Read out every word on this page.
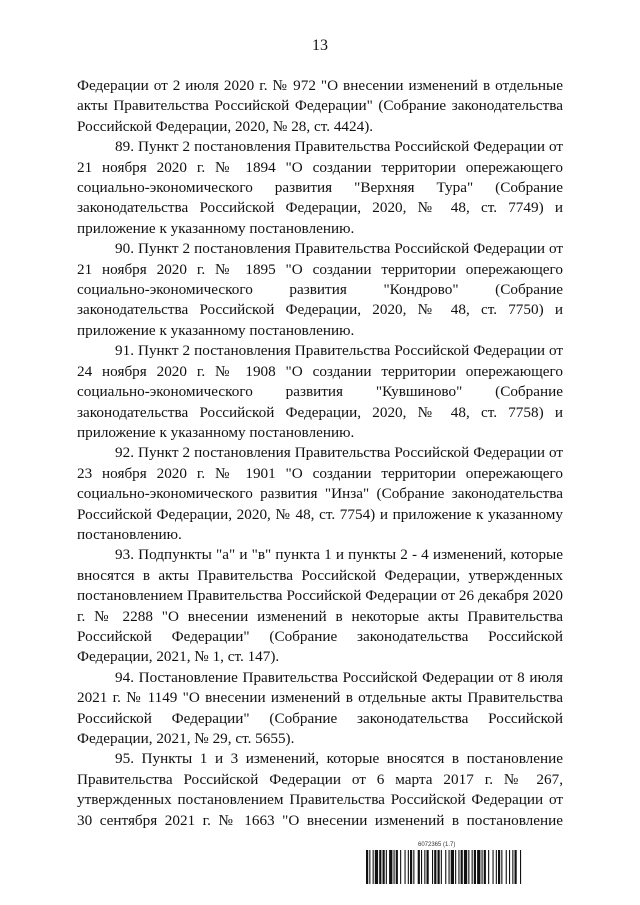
13

Федерации от 2 июля 2020 г. № 972 "О внесении изменений в отдельные акты Правительства Российской Федерации" (Собрание законодательства Российской Федерации, 2020, № 28, ст. 4424).

89. Пункт 2 постановления Правительства Российской Федерации от 21 ноября 2020 г. № 1894 "О создании территории опережающего социально-экономического развития "Верхняя Тура" (Собрание законодательства Российской Федерации, 2020, № 48, ст. 7749) и приложение к указанному постановлению.

90. Пункт 2 постановления Правительства Российской Федерации от 21 ноября 2020 г. № 1895 "О создании территории опережающего социально-экономического развития "Кондрово" (Собрание законодательства Российской Федерации, 2020, № 48, ст. 7750) и приложение к указанному постановлению.

91. Пункт 2 постановления Правительства Российской Федерации от 24 ноября 2020 г. № 1908 "О создании территории опережающего социально-экономического развития "Кувшиново" (Собрание законодательства Российской Федерации, 2020, № 48, ст. 7758) и приложение к указанному постановлению.

92. Пункт 2 постановления Правительства Российской Федерации от 23 ноября 2020 г. № 1901 "О создании территории опережающего социально-экономического развития "Инза" (Собрание законодательства Российской Федерации, 2020, № 48, ст. 7754) и приложение к указанному постановлению.

93. Подпункты "а" и "в" пункта 1 и пункты 2 - 4 изменений, которые вносятся в акты Правительства Российской Федерации, утвержденных постановлением Правительства Российской Федерации от 26 декабря 2020 г. № 2288 "О внесении изменений в некоторые акты Правительства Российской Федерации" (Собрание законодательства Российской Федерации, 2021, № 1, ст. 147).

94. Постановление Правительства Российской Федерации от 8 июля 2021 г. № 1149 "О внесении изменений в отдельные акты Правительства Российской Федерации" (Собрание законодательства Российской Федерации, 2021, № 29, ст. 5655).

95. Пункты 1 и 3 изменений, которые вносятся в постановление Правительства Российской Федерации от 6 марта 2017 г. № 267, утвержденных постановлением Правительства Российской Федерации от 30 сентября 2021 г. № 1663 "О внесении изменений в постановление

6072365 (1.7)
